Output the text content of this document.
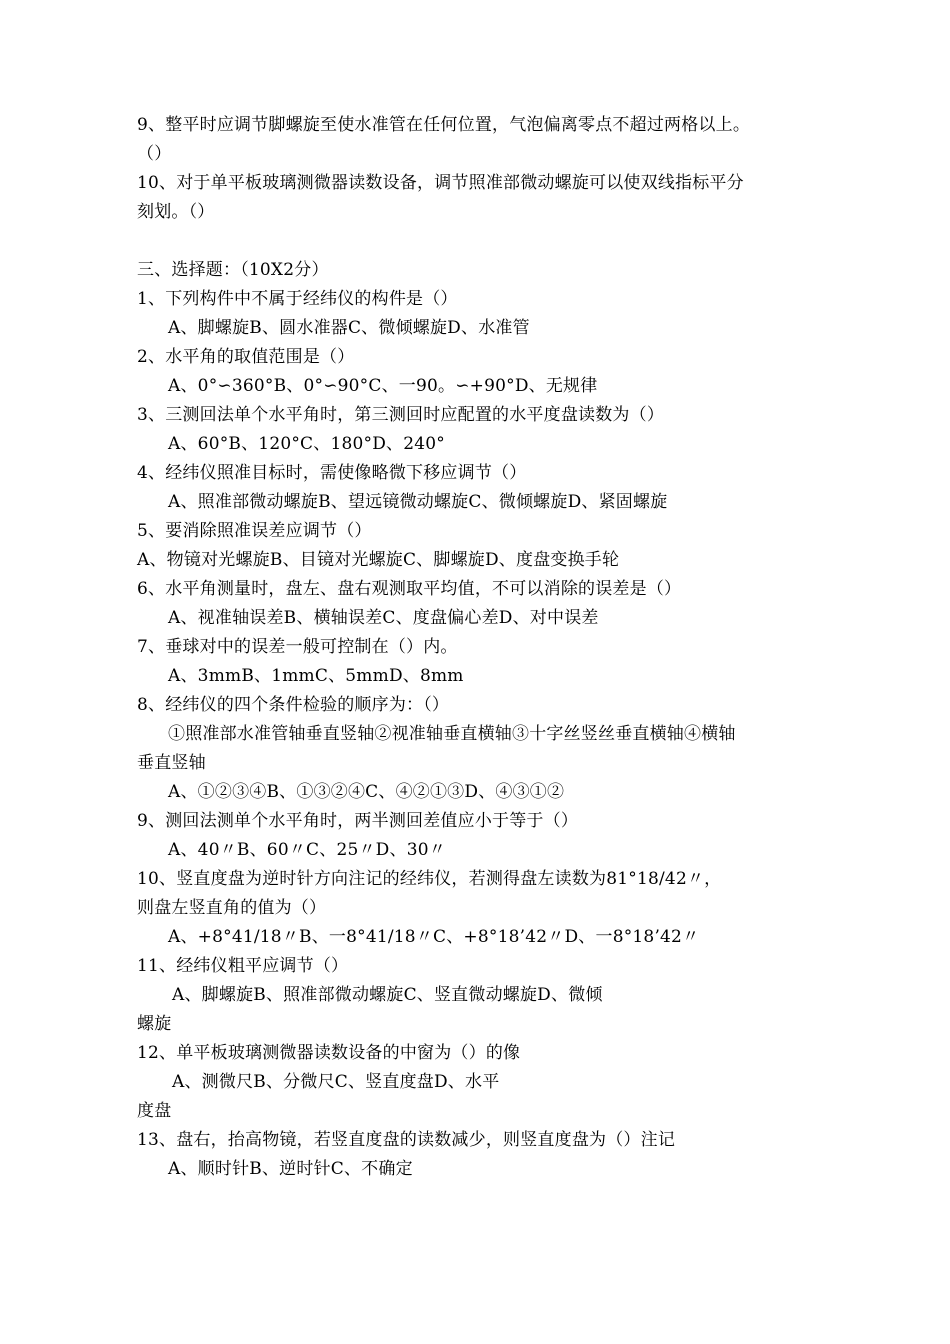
9、整平时应调节脚螺旋至使水准管在任何位置，气泡偏离零点不超过两格以上。
（）
10、对于单平板玻璃测微器读数设备，调节照准部微动螺旋可以使双线指标平分
刻划。（）
三、选择题：（10X2分）
1、下列构件中不属于经纬仪的构件是（）
A、脚螺旋B、圆水准器C、微倾螺旋D、水准管
2、水平角的取值范围是（）
A、0°∽360°B、0°∽90°C、一90。∽+90°D、无规律
3、三测回法单个水平角时，第三测回时应配置的水平度盘读数为（）
A、60°B、120°C、180°D、240°
4、经纬仪照准目标时，需使像略微下移应调节（）
A、照准部微动螺旋B、望远镜微动螺旋C、微倾螺旋D、紧固螺旋
5、要消除照准误差应调节（）
A、物镜对光螺旋B、目镜对光螺旋C、脚螺旋D、度盘变换手轮
6、水平角测量时，盘左、盘右观测取平均值，不可以消除的误差是（）
A、视准轴误差B、横轴误差C、度盘偏心差D、对中误差
7、垂球对中的误差一般可控制在（）内。
A、3mmB、1mmC、5mmD、8mm
8、经纬仪的四个条件检验的顺序为：（）
①照准部水准管轴垂直竖轴②视准轴垂直横轴③十字丝竖丝垂直横轴④横轴
垂直竖轴
A、①②③④B、①③②④C、④②①③D、④③①②
9、测回法测单个水平角时，两半测回差值应小于等于（）
A、40〃B、60〃C、25〃D、30〃
10、竖直度盘为逆时针方向注记的经纬仪，若测得盘左读数为81°18/42〃，
则盘左竖直角的值为（）
A、+8°41/18〃B、一8°41/18〃C、+8°18’42〃D、一8°18’42〃
11、经纬仪粗平应调节（）
A、脚螺旋B、照准部微动螺旋C、竖直微动螺旋D、微倾
螺旋
12、单平板玻璃测微器读数设备的中窗为（）的像
A、测微尺B、分微尺C、竖直度盘D、水平
度盘
13、盘右，抬高物镜，若竖直度盘的读数减少，则竖直度盘为（）注记
A、顺时针B、逆时针C、不确定
